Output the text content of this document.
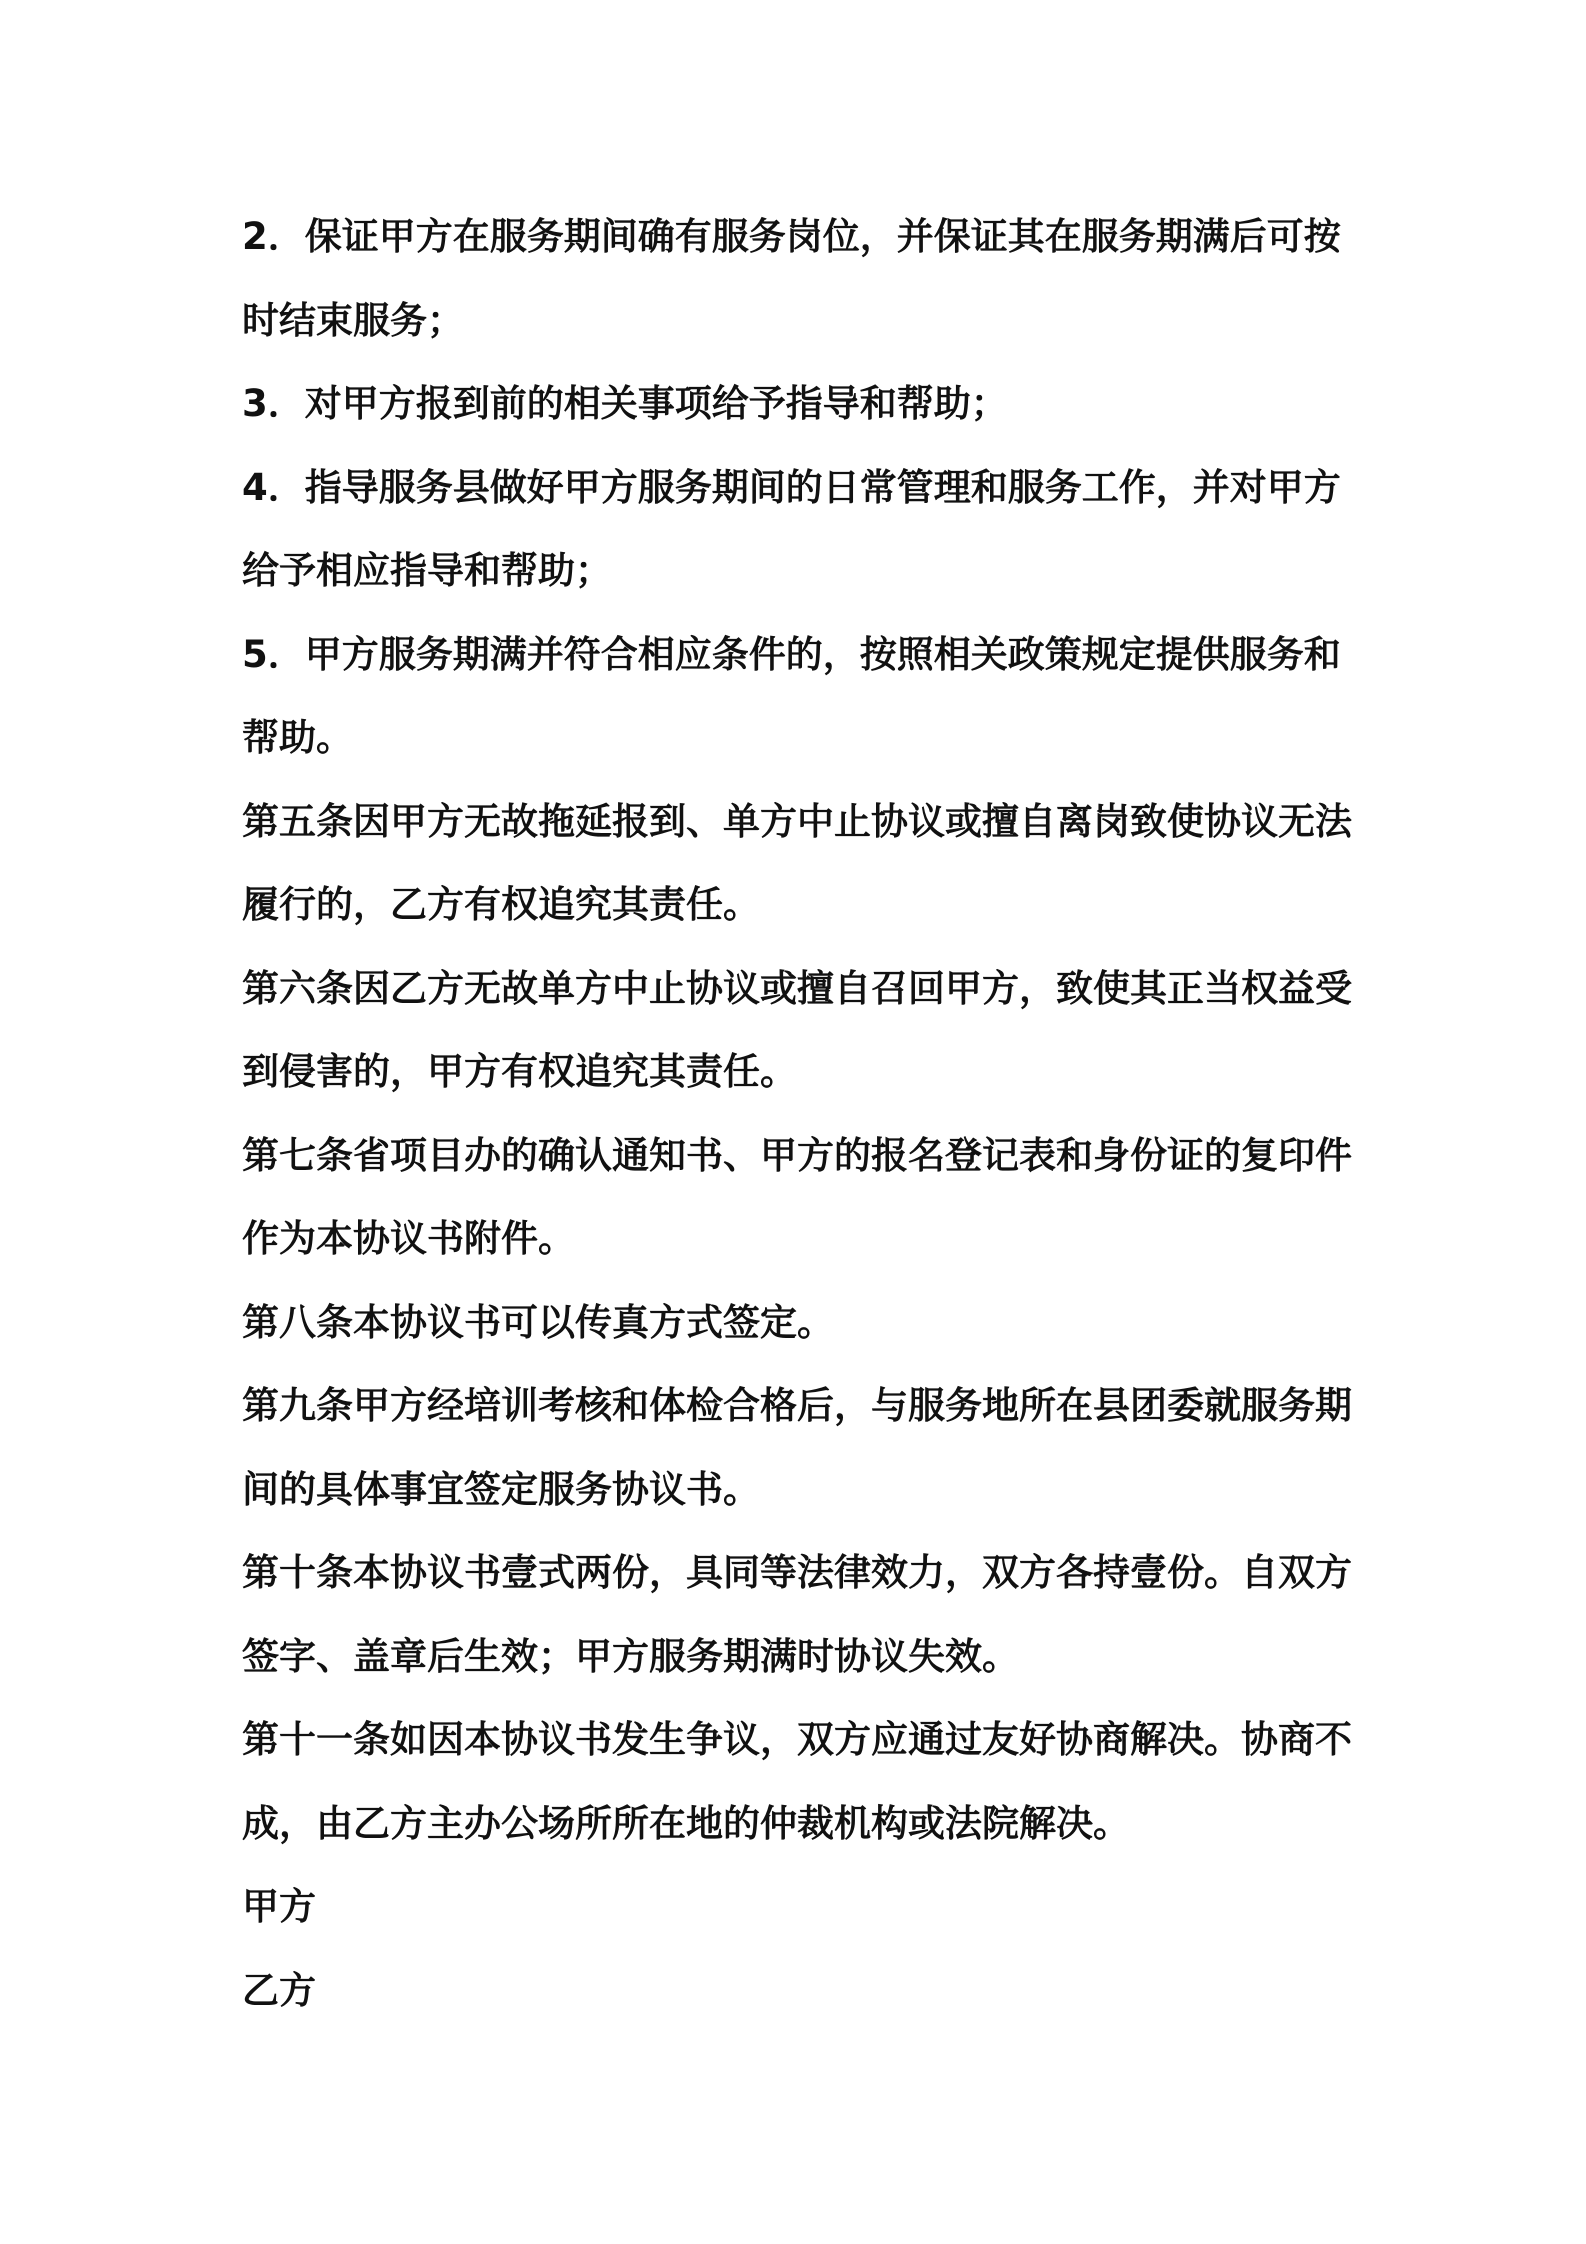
2．保证甲方在服务期间确有服务岗位，并保证其在服务期满后可按

时结束服务；

3．对甲方报到前的相关事项给予指导和帮助；

4．指导服务县做好甲方服务期间的日常管理和服务工作，并对甲方

给予相应指导和帮助；

5．甲方服务期满并符合相应条件的，按照相关政策规定提供服务和

帮助。

第五条因甲方无故拖延报到、单方中止协议或擅自离岗致使协议无法

履行的，乙方有权追究其责任。

第六条因乙方无故单方中止协议或擅自召回甲方，致使其正当权益受

到侵害的，甲方有权追究其责任。

第七条省项目办的确认通知书、甲方的报名登记表和身份证的复印件

作为本协议书附件。

第八条本协议书可以传真方式签定。

第九条甲方经培训考核和体检合格后，与服务地所在县团委就服务期

间的具体事宜签定服务协议书。

第十条本协议书壹式两份，具同等法律效力，双方各持壹份。自双方

签字、盖章后生效；甲方服务期满时协议失效。

第十一条如因本协议书发生争议，双方应通过友好协商解决。协商不

成，由乙方主办公场所所在地的仲裁机构或法院解决。

甲方

乙方
